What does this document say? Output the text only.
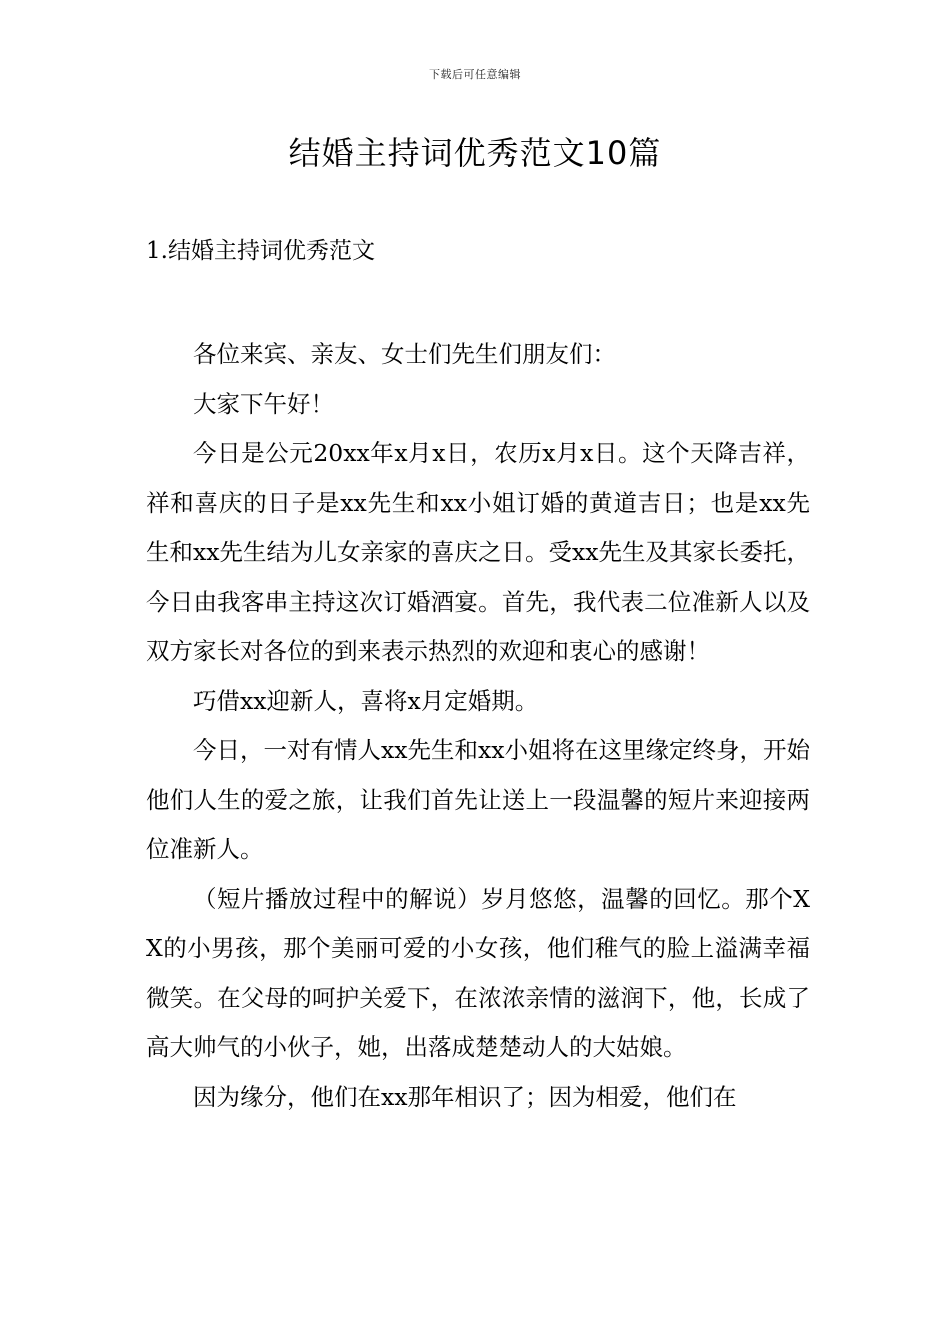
下载后可任意编辑
结婚主持词优秀范文10篇
1.结婚主持词优秀范文

各位来宾、亲友、女士们先生们朋友们：

大家下午好！

今日是公元20xx年x月x日，农历x月x日。这个天降吉祥，祥和喜庆的日子是xx先生和xx小姐订婚的黄道吉日；也是xx先生和xx先生结为儿女亲家的喜庆之日。受xx先生及其家长委托，今日由我客串主持这次订婚酒宴。首先，我代表二位准新人以及双方家长对各位的到来表示热烈的欢迎和衷心的感谢！

巧借xx迎新人，喜将x月定婚期。

今日，一对有情人xx先生和xx小姐将在这里缘定终身，开始他们人生的爱之旅，让我们首先让送上一段温馨的短片来迎接两位准新人。

（短片播放过程中的解说）岁月悠悠，温馨的回忆。那个XX的小男孩，那个美丽可爱的小女孩，他们稚气的脸上溢满幸福微笑。在父母的呵护关爱下，在浓浓亲情的滋润下，他，长成了高大帅气的小伙子，她，出落成楚楚动人的大姑娘。

因为缘分，他们在xx那年相识了；因为相爱，他们在
